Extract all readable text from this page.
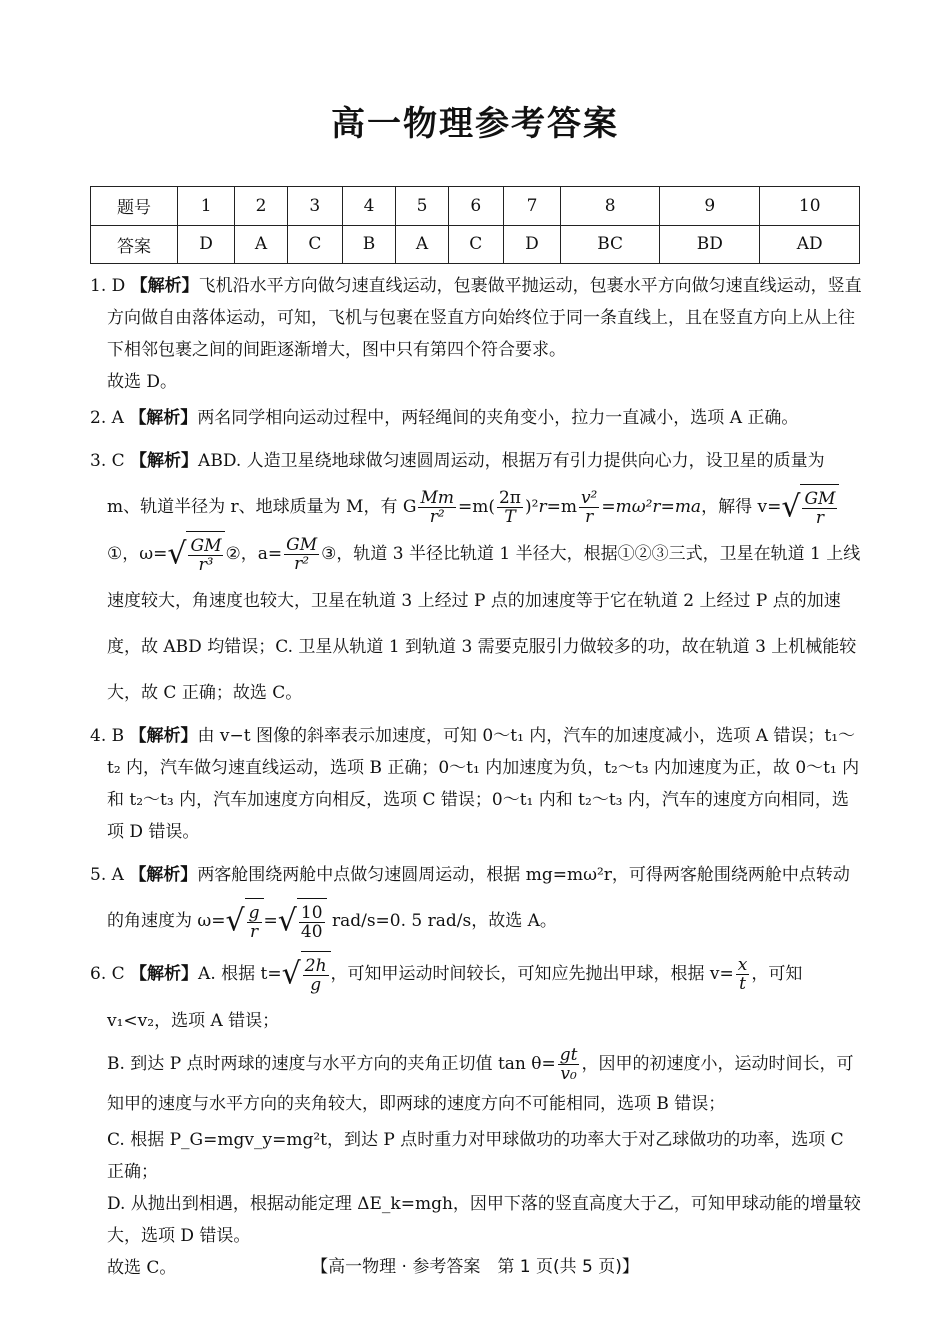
高一物理参考答案
题号	1	2	3	4	5	6	7	8	9	10
答案	D	A	C	B	A	C	D	BC	BD	AD

1. D 【解析】飞机沿水平方向做匀速直线运动，包裹做平抛运动，包裹水平方向做匀速直线运动，竖直方向做自由落体运动，可知，飞机与包裹在竖直方向始终位于同一条直线上，且在竖直方向上从上往下相邻包裹之间的间距逐渐增大，图中只有第四个符合要求。

故选 D。

2. A 【解析】两名同学相向运动过程中，两轻绳间的夹角变小，拉力一直减小，选项 A 正确。

3. C 【解析】ABD. 人造卫星绕地球做匀速圆周运动，根据万有引力提供向心力，设卫星的质量为 m、轨道半径为 r、地球质量为 M，有 G $\frac{Mm}{\text{r²}} =m( \frac{2\pi}{T} )^2r=m \frac{\text{v²}}{r} =m\omega^2r=ma$，解得 $v=√ \frac{GM}{r}$
①，$\omega=√ \frac{GM}{\text{r³}}$ ②，$a= \frac{GM}{\text{r²}}$ ③，轨道 3 半径比轨道 1 半径大，根据①②③三式，卫星在轨道 1 上线速度较大，角速度也较大，卫星在轨道 3 上经过 P 点的加速度等于它在轨道 2 上经过 P 点的加速度，故 ABD 均错误；C. 卫星从轨道 1 到轨道 3 需要克服引力做较多的功，故在轨道 3 上机械能较大，故 C 正确；故选 C。

4. B 【解析】由 v−t 图像的斜率表示加速度，可知 0～t₁ 内，汽车的加速度减小，选项 A 错误；t₁～t₂ 内，汽车做匀速直线运动，选项 B 正确；0～t₁ 内加速度为负，t₂～t₃ 内加速度为正，故 0～t₁ 内和 t₂～t₃ 内，汽车加速度方向相反，选项 C 错误；0～t₁ 内和 t₂～t₃ 内，汽车的速度方向相同，选项 D 错误。

5. A 【解析】两客舱围绕两舱中点做匀速圆周运动，根据 mg=mω²r，可得两客舱围绕两舱中点转动的角速度为 $\omega=√ \frac{g}{r}$ =√ $\frac{10}{40} rad/s=0$. 5 rad/s，故选 A。

6. C 【解析】A. 根据 $t=√ \frac{2h}{g}$ ，可知甲运动时间较长，可知应先抛出甲球，根据 $v= \frac{x}{t}$ ，可知 v₁<v₂，选项 A 错误；

B. 到达 P 点时两球的速度与水平方向的夹角正切值 $\tan \theta= \frac{gt}{\text{v₀}}$ ，因甲的初速度小，运动时间长，可知甲的速度与水平方向的夹角较大，即两球的速度方向不可能相同，选项 B 错误；

C. 根据 P_G=mgv_y=mg²t，到达 P 点时重力对甲球做功的功率大于对乙球做功的功率，选项 C 正确；

D. 从抛出到相遇，根据动能定理 ΔE_k=mgh，因甲下落的竖直高度大于乙，可知甲球动能的增量较大，选项 D 错误。

故选 C。	【高一物理 · 参考答案　第 1 页(共 5 页)】
